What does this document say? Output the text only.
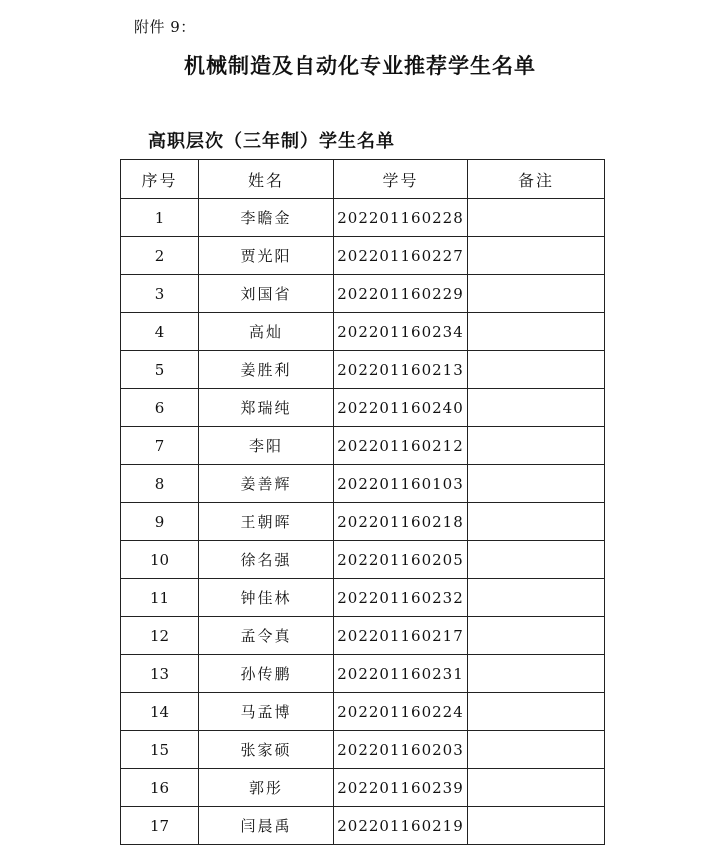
附件 9：
机械制造及自动化专业推荐学生名单
高职层次（三年制）学生名单
序号	姓名	学号	备注
1	李瞻金	202201160228	
2	贾光阳	202201160227	
3	刘国省	202201160229	
4	高灿	202201160234	
5	姜胜利	202201160213	
6	郑瑞纯	202201160240	
7	李阳	202201160212	
8	姜善辉	202201160103	
9	王朝晖	202201160218	
10	徐名强	202201160205	
11	钟佳林	202201160232	
12	孟令真	202201160217	
13	孙传鹏	202201160231	
14	马孟博	202201160224	
15	张家硕	202201160203	
16	郭彤	202201160239	
17	闫晨禹	202201160219	
